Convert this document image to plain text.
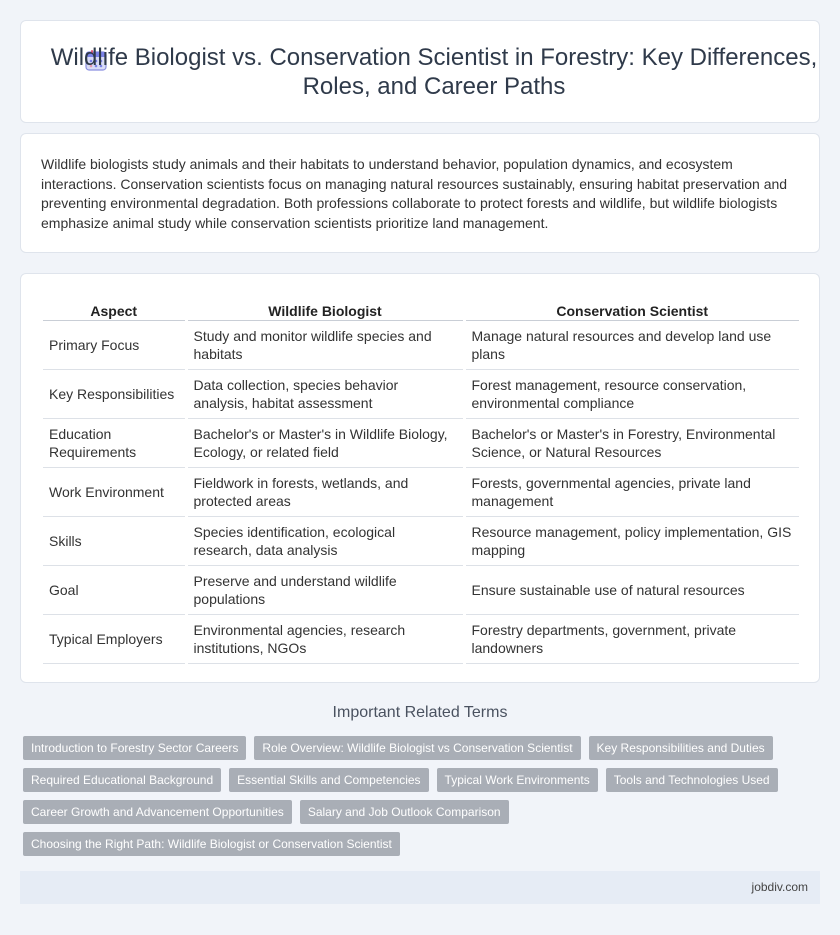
Wildlife Biologist vs. Conservation Scientist in Forestry: Key Differences, Roles, and Career Paths

Wildlife biologists study animals and their habitats to understand behavior, population dynamics, and ecosystem interactions. Conservation scientists focus on managing natural resources sustainably, ensuring habitat preservation and preventing environmental degradation. Both professions collaborate to protect forests and wildlife, but wildlife biologists emphasize animal study while conservation scientists prioritize land management.

Aspect	Wildlife Biologist	Conservation Scientist
Primary Focus	Study and monitor wildlife species and habitats	Manage natural resources and develop land use plans
Key Responsibilities	Data collection, species behavior analysis, habitat assessment	Forest management, resource conservation, environmental compliance
Education Requirements	Bachelor's or Master's in Wildlife Biology, Ecology, or related field	Bachelor's or Master's in Forestry, Environmental Science, or Natural Resources
Work Environment	Fieldwork in forests, wetlands, and protected areas	Forests, governmental agencies, private land management
Skills	Species identification, ecological research, data analysis	Resource management, policy implementation, GIS mapping
Goal	Preserve and understand wildlife populations	Ensure sustainable use of natural resources
Typical Employers	Environmental agencies, research institutions, NGOs	Forestry departments, government, private landowners
Important Related Terms
Introduction to Forestry Sector Careers	Role Overview: Wildlife Biologist vs Conservation Scientist	Key Responsibilities and Duties
Required Educational Background	Essential Skills and Competencies	Typical Work Environments	Tools and Technologies Used
Career Growth and Advancement Opportunities	Salary and Job Outlook Comparison
Choosing the Right Path: Wildlife Biologist or Conservation Scientist
jobdiv.com
